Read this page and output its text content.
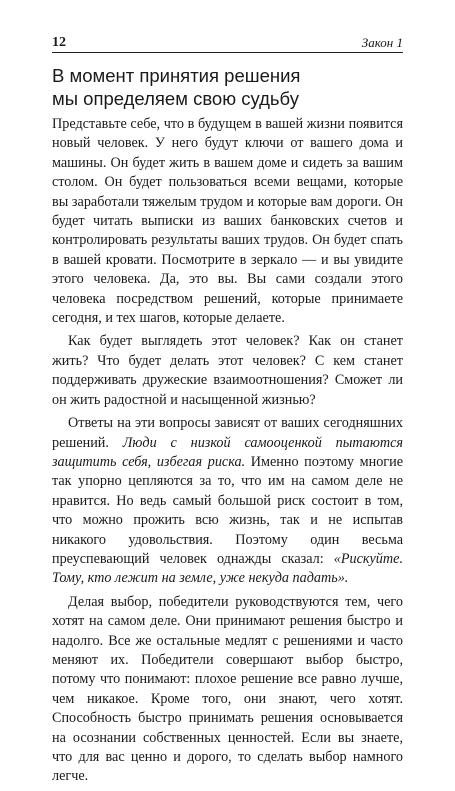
12	Закон 1
В момент принятия решения
мы определяем свою судьбу

Представьте себе, что в будущем в вашей жизни появится новый человек. У него будут ключи от вашего дома и машины. Он будет жить в вашем доме и сидеть за вашим столом. Он будет пользоваться всеми вещами, которые вы заработали тяжелым трудом и которые вам дороги. Он будет читать выписки из ваших банковских счетов и контролировать результаты ваших трудов. Он будет спать в вашей кровати. Посмотрите в зеркало — и вы увидите этого человека. Да, это вы. Вы сами создали этого человека посредством решений, которые принимаете сегодня, и тех шагов, которые делаете.

Как будет выглядеть этот человек? Как он станет жить? Что будет делать этот человек? С кем станет поддерживать дружеские взаимоотношения? Сможет ли он жить радостной и насыщенной жизнью?

Ответы на эти вопросы зависят от ваших сегодняшних решений. Люди с низкой самооценкой пытаются защитить себя, избегая риска. Именно поэтому многие так упорно цепляются за то, что им на самом деле не нравится. Но ведь самый большой риск состоит в том, что можно прожить всю жизнь, так и не испытав никакого удовольствия. Поэтому один весьма преуспевающий человек однажды сказал: «Рискуйте. Тому, кто лежит на земле, уже некуда падать».

Делая выбор, победители руководствуются тем, чего хотят на самом деле. Они принимают решения быстро и надолго. Все же остальные медлят с решениями и часто меняют их. Победители совершают выбор быстро, потому что понимают: плохое решение все равно лучше, чем никакое. Кроме того, они знают, чего хотят. Способность быстро принимать решения основывается на осознании собственных ценностей. Если вы знаете, что для вас ценно и дорого, то сделать выбор намного легче.
